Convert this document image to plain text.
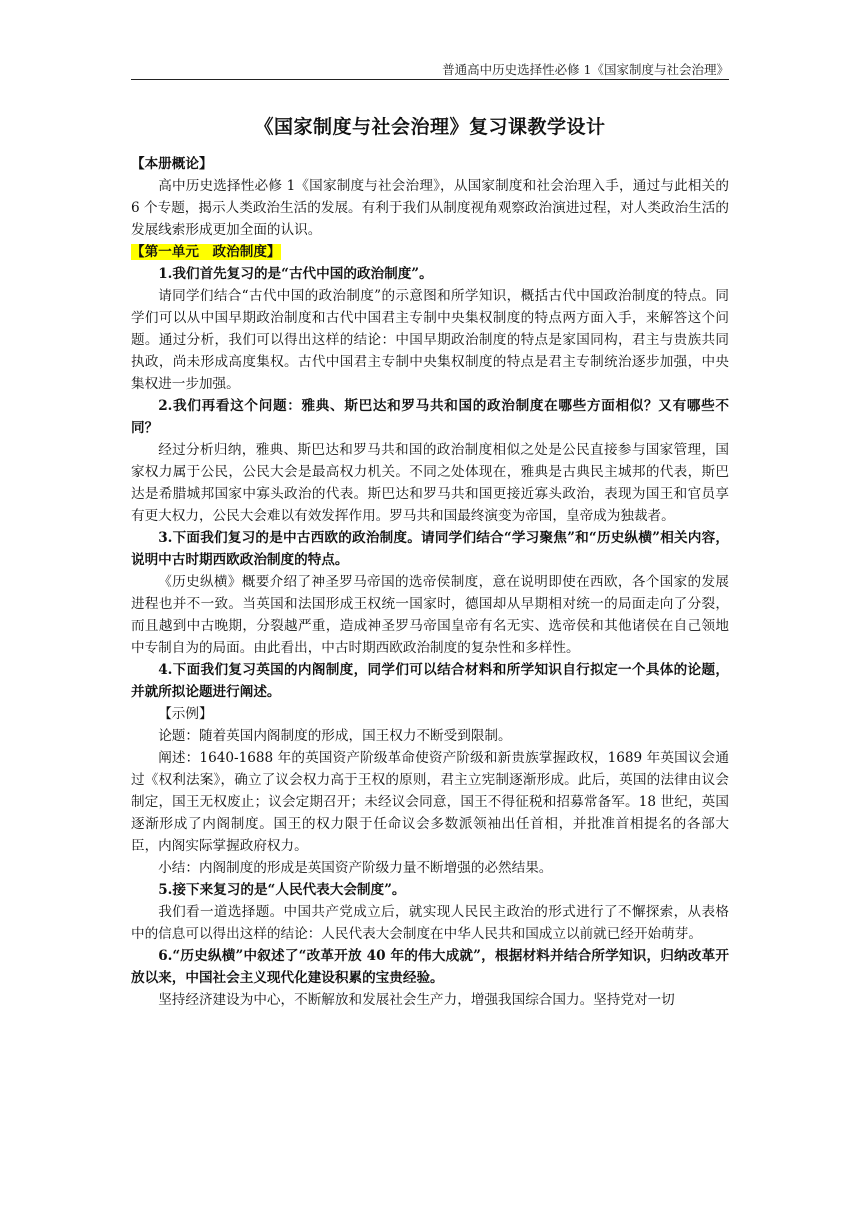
普通高中历史选择性必修 1《国家制度与社会治理》
《国家制度与社会治理》复习课教学设计
【本册概论】

高中历史选择性必修 1《国家制度与社会治理》，从国家制度和社会治理入手，通过与此相关的 6 个专题，揭示人类政治生活的发展。有利于我们从制度视角观察政治演进过程，对人类政治生活的发展线索形成更加全面的认识。

【第一单元　政治制度】

1.我们首先复习的是“古代中国的政治制度”。

请同学们结合“古代中国的政治制度”的示意图和所学知识，概括古代中国政治制度的特点。同学们可以从中国早期政治制度和古代中国君主专制中央集权制度的特点两方面入手，来解答这个问题。通过分析，我们可以得出这样的结论：中国早期政治制度的特点是家国同构，君主与贵族共同执政，尚未形成高度集权。古代中国君主专制中央集权制度的特点是君主专制统治逐步加强，中央集权进一步加强。

2.我们再看这个问题：雅典、斯巴达和罗马共和国的政治制度在哪些方面相似？又有哪些不同？

经过分析归纳，雅典、斯巴达和罗马共和国的政治制度相似之处是公民直接参与国家管理，国家权力属于公民，公民大会是最高权力机关。不同之处体现在，雅典是古典民主城邦的代表，斯巴达是希腊城邦国家中寡头政治的代表。斯巴达和罗马共和国更接近寡头政治，表现为国王和官员享有更大权力，公民大会难以有效发挥作用。罗马共和国最终演变为帝国，皇帝成为独裁者。

3.下面我们复习的是中古西欧的政治制度。请同学们结合“学习聚焦”和“历史纵横”相关内容，说明中古时期西欧政治制度的特点。

《历史纵横》概要介绍了神圣罗马帝国的选帝侯制度，意在说明即使在西欧，各个国家的发展进程也并不一致。当英国和法国形成王权统一国家时，德国却从早期相对统一的局面走向了分裂，而且越到中古晚期，分裂越严重，造成神圣罗马帝国皇帝有名无实、选帝侯和其他诸侯在自己领地中专制自为的局面。由此看出，中古时期西欧政治制度的复杂性和多样性。

4.下面我们复习英国的内阁制度，同学们可以结合材料和所学知识自行拟定一个具体的论题，并就所拟论题进行阐述。

【示例】

论题：随着英国内阁制度的形成，国王权力不断受到限制。

阐述：1640-1688 年的英国资产阶级革命使资产阶级和新贵族掌握政权，1689 年英国议会通过《权利法案》，确立了议会权力高于王权的原则，君主立宪制逐渐形成。此后，英国的法律由议会制定，国王无权废止；议会定期召开；未经议会同意，国王不得征税和招募常备军。18 世纪，英国逐渐形成了内阁制度。国王的权力限于任命议会多数派领袖出任首相，并批准首相提名的各部大臣，内阁实际掌握政府权力。

小结：内阁制度的形成是英国资产阶级力量不断增强的必然结果。

5.接下来复习的是“人民代表大会制度”。

我们看一道选择题。中国共产党成立后，就实现人民民主政治的形式进行了不懈探索，从表格中的信息可以得出这样的结论：人民代表大会制度在中华人民共和国成立以前就已经开始萌芽。

6.“历史纵横”中叙述了“改革开放 40 年的伟大成就”，根据材料并结合所学知识，归纳改革开放以来，中国社会主义现代化建设积累的宝贵经验。

坚持经济建设为中心，不断解放和发展社会生产力，增强我国综合国力。坚持党对一切
